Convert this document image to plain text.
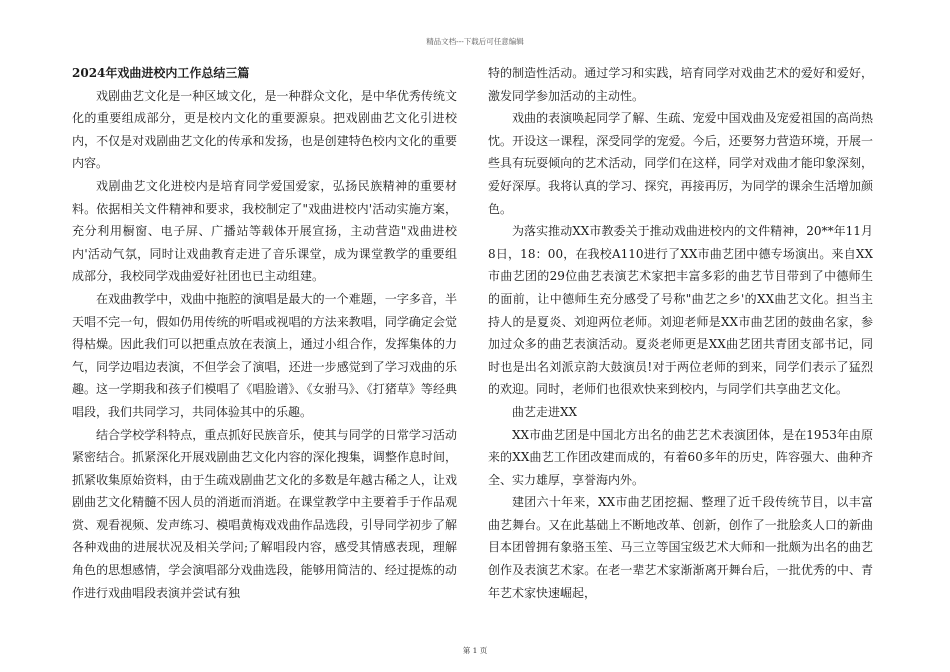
精品文档---下载后可任意编辑

2024年戏曲进校内工作总结三篇

戏剧曲艺文化是一种区域文化，是一种群众文化，是中华优秀传统文化的重要组成部分，更是校内文化的重要源泉。把戏剧曲艺文化引进校内，不仅是对戏剧曲艺文化的传承和发扬，也是创建特色校内文化的重要内容。

戏剧曲艺文化进校内是培育同学爱国爱家，弘扬民族精神的重要材料。依据相关文件精神和要求，我校制定了"戏曲进校内'活动实施方案，充分利用橱窗、电子屏、广播站等载体开展宣扬，主动营造"戏曲进校内'活动气氛，同时让戏曲教育走进了音乐课堂，成为课堂教学的重要组成部分，我校同学戏曲爱好社团也已主动组建。

在戏曲教学中，戏曲中拖腔的演唱是最大的一个难题，一字多音，半天唱不完一句，假如仍用传统的听唱或视唱的方法来教唱，同学确定会觉得枯燥。因此我们可以把重点放在表演上，通过小组合作，发挥集体的力气，同学边唱边表演，不但学会了演唱，还进一步感觉到了学习戏曲的乐趣。这一学期我和孩子们模唱了《唱脸谱》、《女驸马》、《打猪草》等经典唱段，我们共同学习，共同体验其中的乐趣。

结合学校学科特点，重点抓好民族音乐，使其与同学的日常学习活动紧密结合。抓紧深化开展戏剧曲艺文化内容的深化搜集，调整作息时间，抓紧收集原始资料，由于生疏戏剧曲艺文化的多数是年越古稀之人，让戏剧曲艺文化精髓不因人员的消逝而消逝。在课堂教学中主要着手于作品观赏、观看视频、发声练习、模唱黄梅戏戏曲作品选段，引导同学初步了解各种戏曲的进展状况及相关学问;了解唱段内容，感受其情感表现，理解角色的思想感情，学会演唱部分戏曲选段，能够用简洁的、经过提炼的动作进行戏曲唱段表演并尝试有独

特的制造性活动。通过学习和实践，培育同学对戏曲艺术的爱好和爱好，激发同学参加活动的主动性。

戏曲的表演唤起同学了解、生疏、宠爱中国戏曲及宠爱祖国的高尚热忱。开设这一课程，深受同学的宠爱。今后，还要努力营造环境，开展一些具有玩耍倾向的艺术活动，同学们在这样，同学对戏曲才能印象深刻，爱好深厚。我将认真的学习、探究，再接再厉，为同学的课余生活增加颜色。

为落实推动XX市教委关于推动戏曲进校内的文件精神，20**年11月8日，18：00，在我校A110进行了XX市曲艺团中德专场演出。来自XX市曲艺团的29位曲艺表演艺术家把丰富多彩的曲艺节目带到了中德师生的面前，让中德师生充分感受了号称"曲艺之乡'的XX曲艺文化。担当主持人的是夏炎、刘迎两位老师。刘迎老师是XX市曲艺团的鼓曲名家，参加过众多的曲艺表演活动。夏炎老师更是XX曲艺团共青团支部书记，同时也是出名刘派京韵大鼓演员!对于两位老师的到来，同学们表示了猛烈的欢迎。同时，老师们也很欢快来到校内，与同学们共享曲艺文化。

曲艺走进XX

XX市曲艺团是中国北方出名的曲艺艺术表演团体，是在1953年由原来的XX曲艺工作团改建而成的，有着60多年的历史，阵容强大、曲种齐全、实力雄厚，享誉海内外。

建团六十年来，XX市曲艺团挖掘、整理了近千段传统节目，以丰富曲艺舞台。又在此基础上不断地改革、创新，创作了一批脍炙人口的新曲目本团曾拥有象骆玉笙、马三立等国宝级艺术大师和一批颇为出名的曲艺创作及表演艺术家。在老一辈艺术家渐渐离开舞台后，一批优秀的中、青年艺术家快速崛起，

第 1 页
